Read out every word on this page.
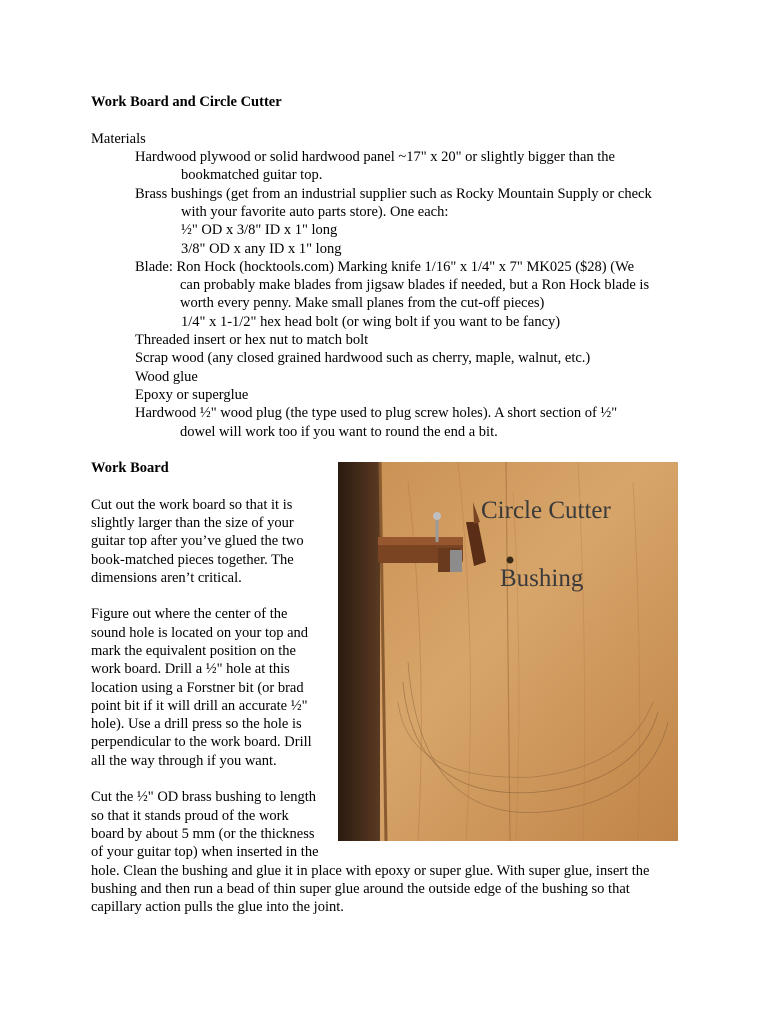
Work Board and Circle Cutter
Materials
Hardwood plywood or solid hardwood panel ~17" x 20" or slightly bigger than the
bookmatched guitar top.
Brass bushings (get from an industrial supplier such as Rocky Mountain Supply or check
with your favorite auto parts store). One each:
½" OD x 3/8" ID x 1" long
3/8" OD x any ID x 1" long
Blade: Ron Hock (hocktools.com) Marking knife 1/16" x 1/4" x 7" MK025 ($28) (We
can probably make blades from jigsaw blades if needed, but a Ron Hock blade is
worth every penny. Make small planes from the cut-off pieces)
1/4" x 1-1/2" hex head bolt (or wing bolt if you want to be fancy)
Threaded insert or hex nut to match bolt
Scrap wood (any closed grained hardwood such as cherry, maple, walnut, etc.)
Wood glue
Epoxy or superglue
Hardwood ½" wood plug (the type used to plug screw holes). A short section of ½"
dowel will work too if you want to round the end a bit.
Work Board
Cut out the work board so that it is
slightly larger than the size of your
guitar top after you’ve glued the two
book-matched pieces together. The
dimensions aren’t critical.
Figure out where the center of the
sound hole is located on your top and
mark the equivalent position on the
work board. Drill a ½" hole at this
location using a Forstner bit (or brad
point bit if it will drill an accurate ½"
hole). Use a drill press so the hole is
perpendicular to the work board. Drill
all the way through if you want.
Cut the ½" OD brass bushing to length
so that it stands proud of the work
board by about 5 mm (or the thickness
of your guitar top) when inserted in the
hole. Clean the bushing and glue it in place with epoxy or super glue. With super glue, insert the
bushing and then run a bead of thin super glue around the outside edge of the bushing so that
capillary action pulls the glue into the joint.
Circle Cutter
Bushing
